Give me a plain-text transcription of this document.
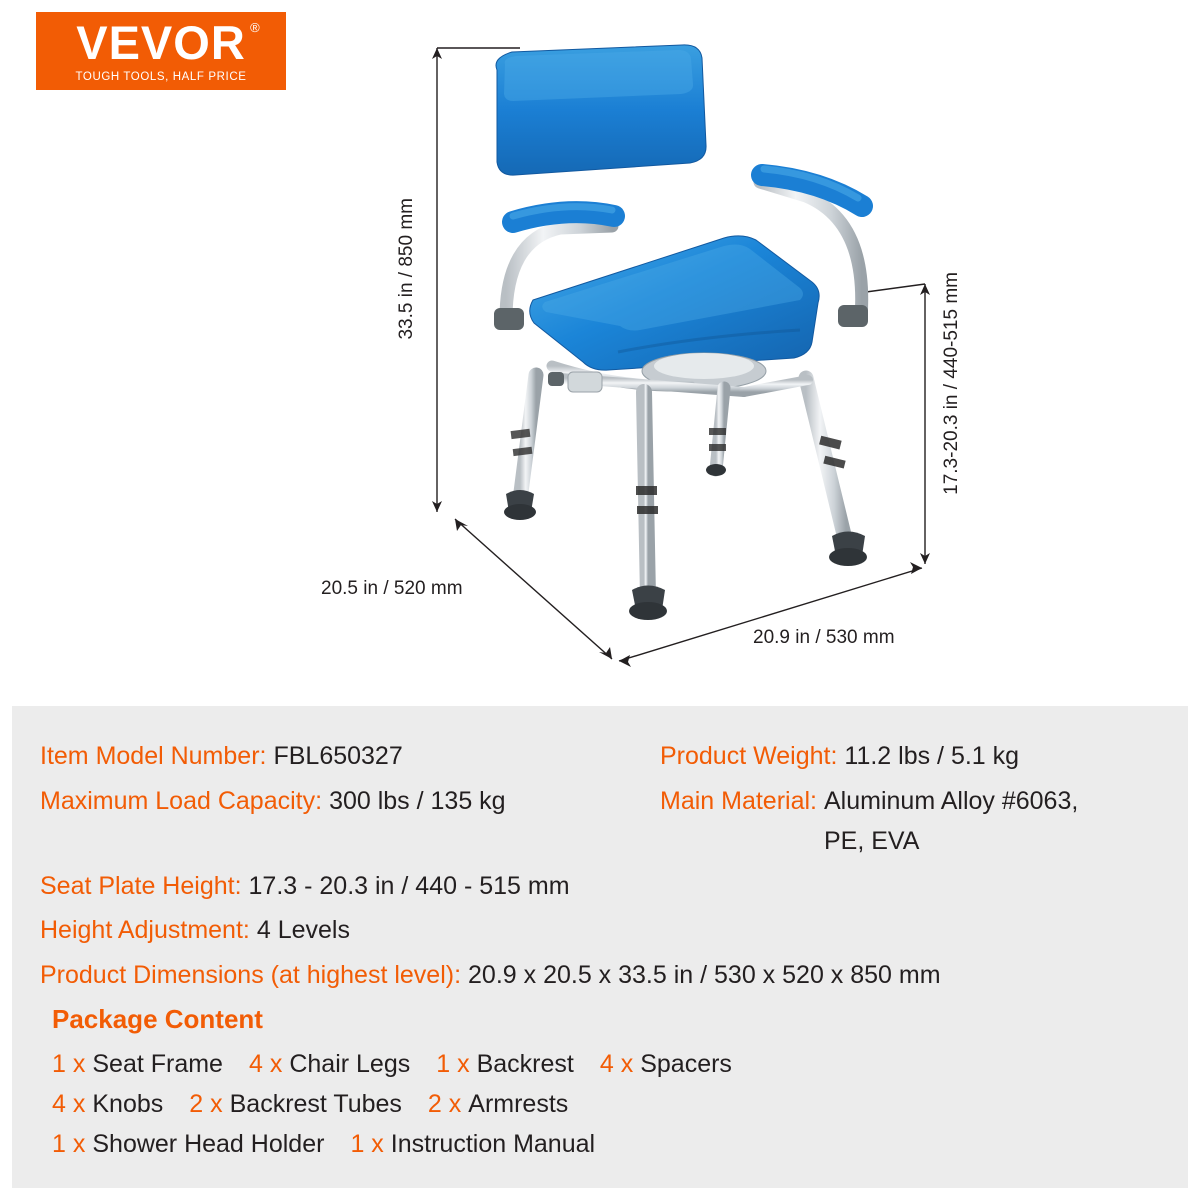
VEVOR ®
TOUGH TOOLS, HALF PRICE
33.5 in / 850 mm
17.3-20.3 in / 440-515 mm
20.5 in / 520 mm
20.9 in / 530 mm
Item Model Number: FBL650327	Product Weight: 11.2 lbs / 5.1 kg
Maximum Load Capacity: 300 lbs / 135 kg	Main Material: Aluminum Alloy #6063, PE, EVA
Seat Plate Height: 17.3 - 20.3 in / 440 - 515 mm
Height Adjustment: 4 Levels
Product Dimensions (at highest level): 20.9 x 20.5 x 33.5 in / 530 x 520 x 850 mm
Package Content
1 x Seat Frame 4 x Chair Legs 1 x Backrest 4 x Spacers
4 x Knobs 2 x Backrest Tubes 2 x Armrests
1 x Shower Head Holder 1 x Instruction Manual
